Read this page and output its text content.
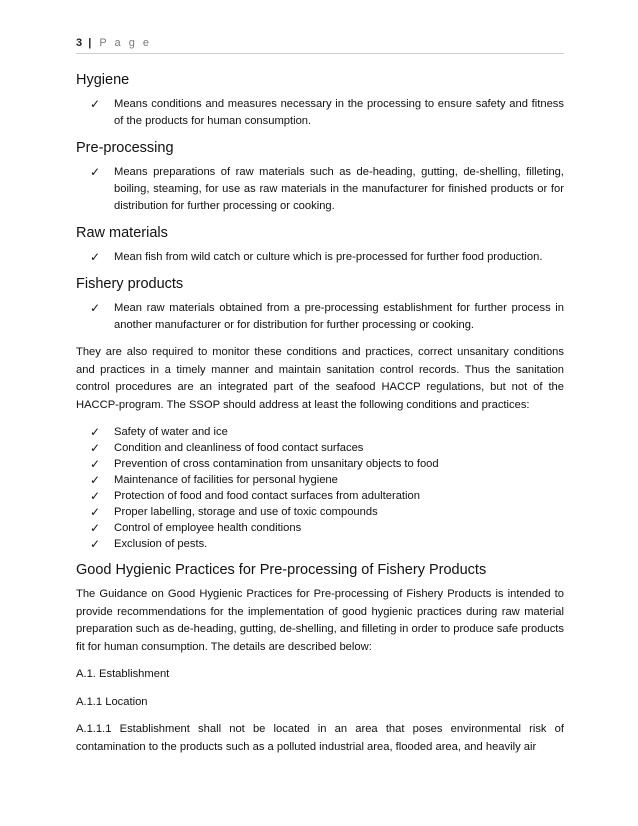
3 | P a g e
Hygiene
✓ Means conditions and measures necessary in the processing to ensure safety and fitness of the products for human consumption.
Pre-processing
✓ Means preparations of raw materials such as de-heading, gutting, de-shelling, filleting, boiling, steaming, for use as raw materials in the manufacturer for finished products or for distribution for further processing or cooking.
Raw materials
✓ Mean fish from wild catch or culture which is pre-processed for further food production.
Fishery products
✓ Mean raw materials obtained from a pre-processing establishment for further process in another manufacturer or for distribution for further processing or cooking.

They are also required to monitor these conditions and practices, correct unsanitary conditions and practices in a timely manner and maintain sanitation control records. Thus the sanitation control procedures are an integrated part of the seafood HACCP regulations, but not of the HACCP-program. The SSOP should address at least the following conditions and practices:

✓ Safety of water and ice
✓ Condition and cleanliness of food contact surfaces
✓ Prevention of cross contamination from unsanitary objects to food
✓ Maintenance of facilities for personal hygiene
✓ Protection of food and food contact surfaces from adulteration
✓ Proper labelling, storage and use of toxic compounds
✓ Control of employee health conditions
✓ Exclusion of pests.
Good Hygienic Practices for Pre-processing of Fishery Products

The Guidance on Good Hygienic Practices for Pre-processing of Fishery Products is intended to provide recommendations for the implementation of good hygienic practices during raw material preparation such as de-heading, gutting, de-shelling, and filleting in order to produce safe products fit for human consumption. The details are described below:

A.1. Establishment

A.1.1 Location

A.1.1.1 Establishment shall not be located in an area that poses environmental risk of contamination to the products such as a polluted industrial area, flooded area, and heavily air
